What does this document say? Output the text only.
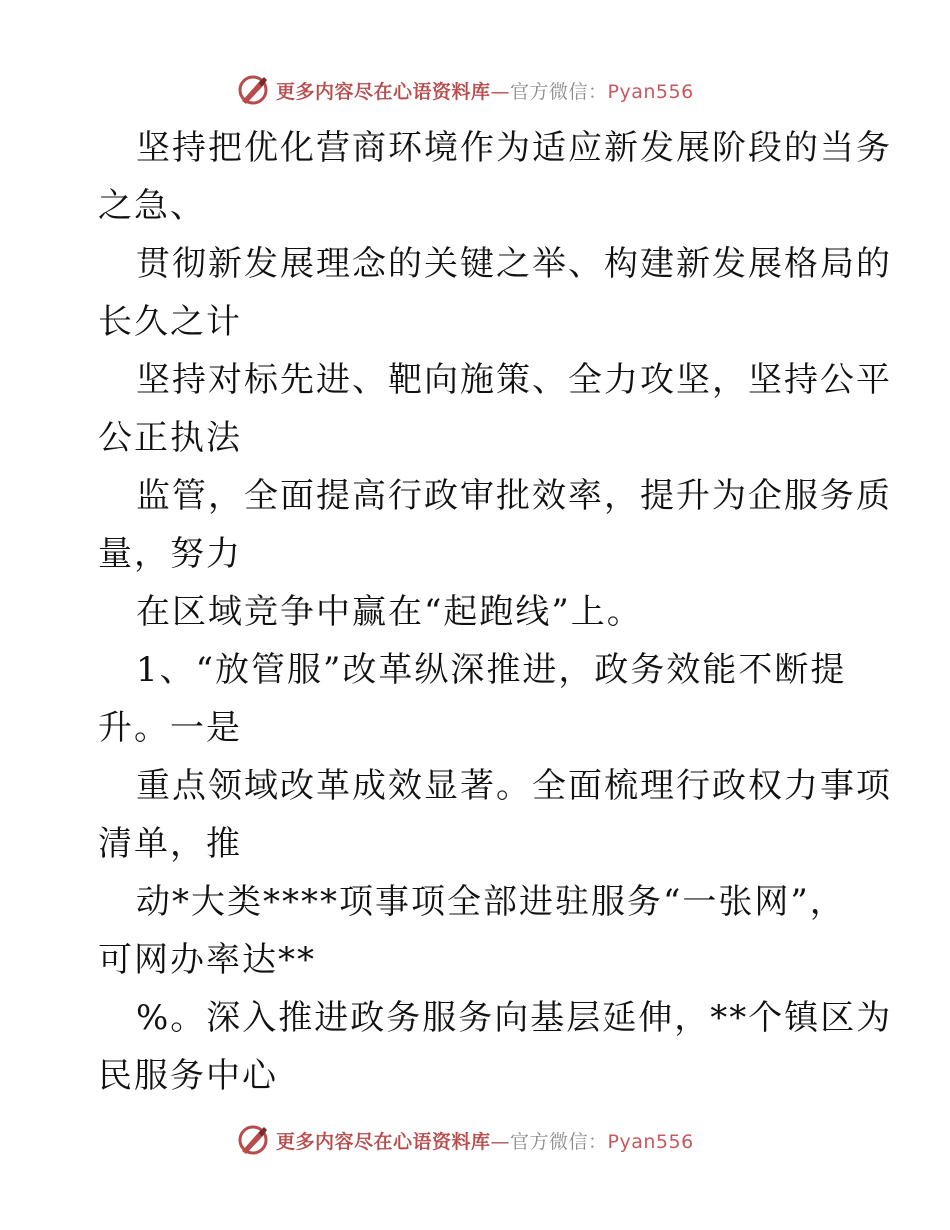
更多内容尽在心语资料库—官方微信：Pyan556
坚持把优化营商环境作为适应新发展阶段的当务
之急、
贯彻新发展理念的关键之举、构建新发展格局的
长久之计
坚持对标先进、靶向施策、全力攻坚，坚持公平
公正执法
监管，全面提高行政审批效率，提升为企服务质
量，努力
在区域竞争中赢在“起跑线”上。
1、“放管服”改革纵深推进，政务效能不断提
升。一是
重点领域改革成效显著。全面梳理行政权力事项
清单，推
动*大类****项事项全部进驻服务“一张网”，
可网办率达**
%。深入推进政务服务向基层延伸，**个镇区为
民服务中心
更多内容尽在心语资料库—官方微信：Pyan556
